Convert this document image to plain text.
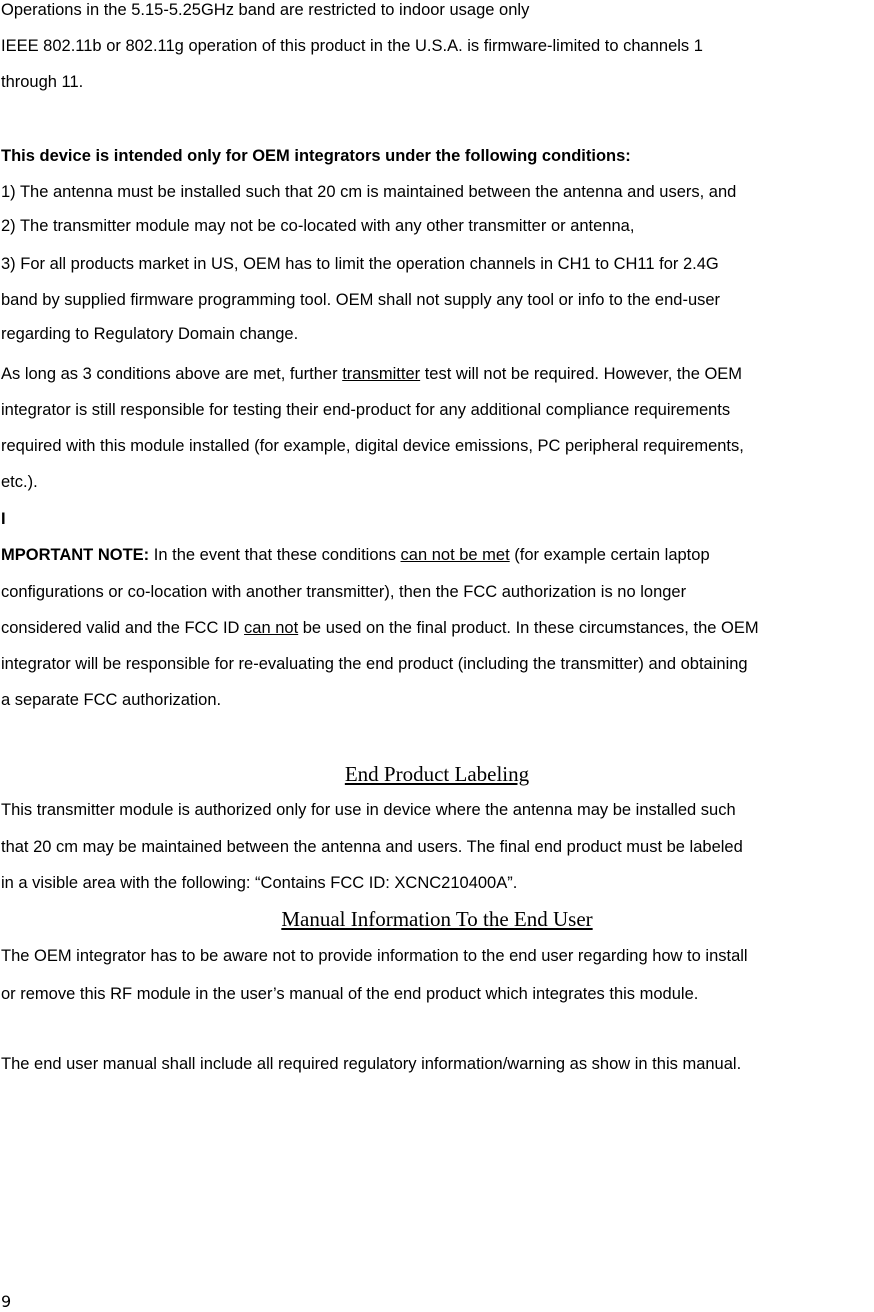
Operations in the 5.15-5.25GHz band are restricted to indoor usage only
IEEE 802.11b or 802.11g operation of this product in the U.S.A. is firmware-limited to channels 1
through 11.
This device is intended only for OEM integrators under the following conditions:
1) The antenna must be installed such that 20 cm is maintained between the antenna and users, and
2) The transmitter module may not be co-located with any other transmitter or antenna,
3) For all products market in US, OEM has to limit the operation channels in CH1 to CH11 for 2.4G
band by supplied firmware programming tool. OEM shall not supply any tool or info to the end-user
regarding to Regulatory Domain change.
As long as 3 conditions above are met, further transmitter test will not be required. However, the OEM
integrator is still responsible for testing their end-product for any additional compliance requirements
required with this module installed (for example, digital device emissions, PC peripheral requirements,
etc.).
I
MPORTANT NOTE: In the event that these conditions can not be met (for example certain laptop
configurations or co-location with another transmitter), then the FCC authorization is no longer
considered valid and the FCC ID can not be used on the final product. In these circumstances, the OEM
integrator will be responsible for re-evaluating the end product (including the transmitter) and obtaining
a separate FCC authorization.
End Product Labeling
This transmitter module is authorized only for use in device where the antenna may be installed such
that 20 cm may be maintained between the antenna and users. The final end product must be labeled
in a visible area with the following: “Contains FCC ID: XCNC210400A”.
Manual Information To the End User
The OEM integrator has to be aware not to provide information to the end user regarding how to install
or remove this RF module in the user’s manual of the end product which integrates this module.
The end user manual shall include all required regulatory information/warning as show in this manual.
9
